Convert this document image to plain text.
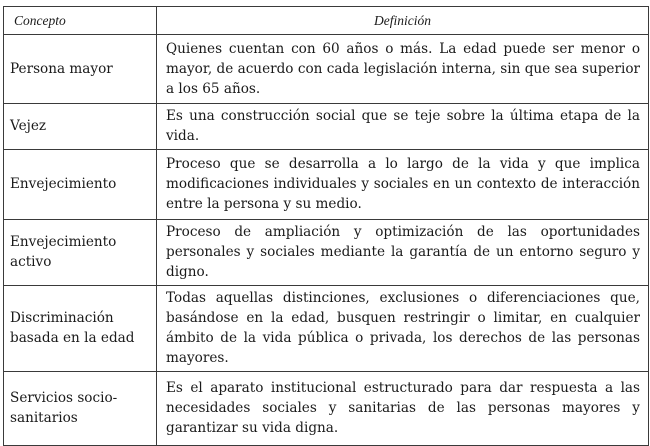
Concepto	Definición
Persona mayor	Quienes cuentan con 60 años o más. La edad puede ser menor o mayor, de acuerdo con cada legislación interna, sin que sea superior a los 65 años.
Vejez	Es una construcción social que se teje sobre la última etapa de la vida.
Envejecimiento	Proceso que se desarrolla a lo largo de la vida y que implica modificaciones individuales y sociales en un contexto de interacción entre la persona y su medio.
Envejecimiento activo	Proceso de ampliación y optimización de las oportunidades personales y sociales mediante la garantía de un entorno seguro y digno.
Discriminación basada en la edad	Todas aquellas distinciones, exclusiones o diferenciaciones que, basándose en la edad, busquen restringir o limitar, en cualquier ámbito de la vida pública o privada, los derechos de las personas mayores.
Servicios socio-sanitarios	Es el aparato institucional estructurado para dar respuesta a las necesidades sociales y sanitarias de las personas mayores y garantizar su vida digna.
